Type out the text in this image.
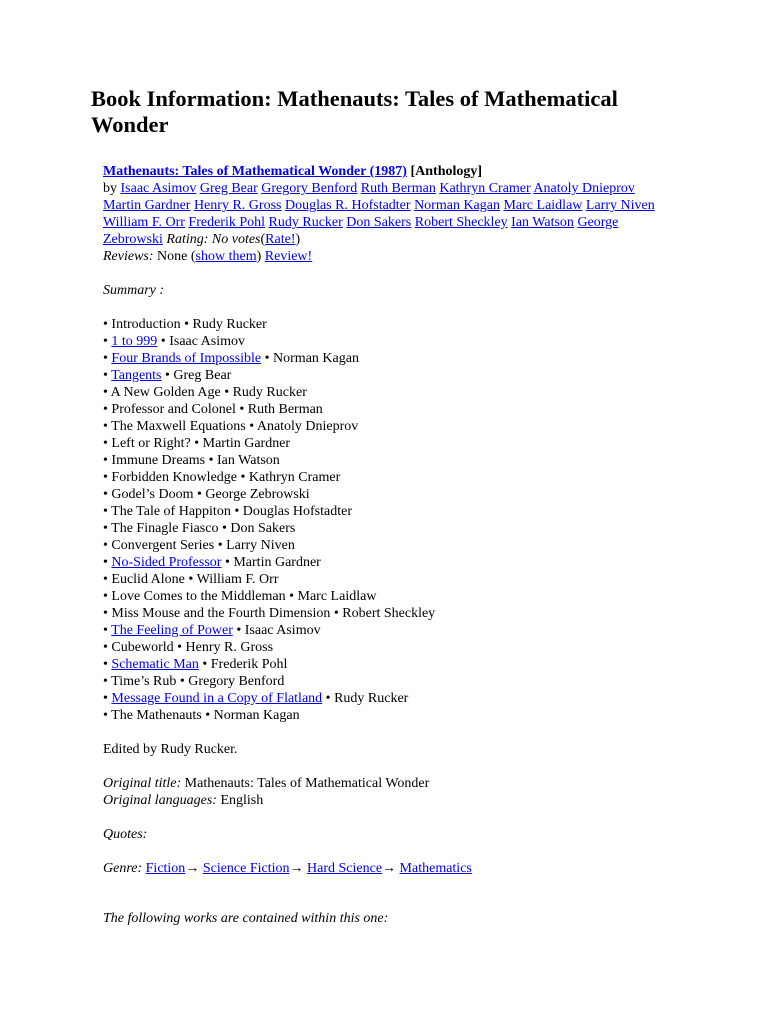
Book Information: Mathenauts: Tales of Mathematical Wonder
Mathenauts: Tales of Mathematical Wonder (1987) [Anthology]
by Isaac Asimov Greg Bear Gregory Benford Ruth Berman Kathryn Cramer Anatoly Dnieprov Martin Gardner Henry R. Gross Douglas R. Hofstadter Norman Kagan Marc Laidlaw Larry Niven William F. Orr Frederik Pohl Rudy Rucker Don Sakers Robert Sheckley Ian Watson George Zebrowski Rating: No votes(Rate!)
Reviews: None (show them) Review!
Summary :
• Introduction • Rudy Rucker
• 1 to 999 • Isaac Asimov
• Four Brands of Impossible • Norman Kagan
• Tangents • Greg Bear
• A New Golden Age • Rudy Rucker
• Professor and Colonel • Ruth Berman
• The Maxwell Equations • Anatoly Dnieprov
• Left or Right? • Martin Gardner
• Immune Dreams • Ian Watson
• Forbidden Knowledge • Kathryn Cramer
• Godel’s Doom • George Zebrowski
• The Tale of Happiton • Douglas Hofstadter
• The Finagle Fiasco • Don Sakers
• Convergent Series • Larry Niven
• No-Sided Professor • Martin Gardner
• Euclid Alone • William F. Orr
• Love Comes to the Middleman • Marc Laidlaw
• Miss Mouse and the Fourth Dimension • Robert Sheckley
• The Feeling of Power • Isaac Asimov
• Cubeworld • Henry R. Gross
• Schematic Man • Frederik Pohl
• Time’s Rub • Gregory Benford
• Message Found in a Copy of Flatland • Rudy Rucker
• The Mathenauts • Norman Kagan
Edited by Rudy Rucker.
Original title: Mathenauts: Tales of Mathematical Wonder
Original languages: English
Quotes:
Genre: Fiction→ Science Fiction→ Hard Science→ Mathematics
The following works are contained within this one:
